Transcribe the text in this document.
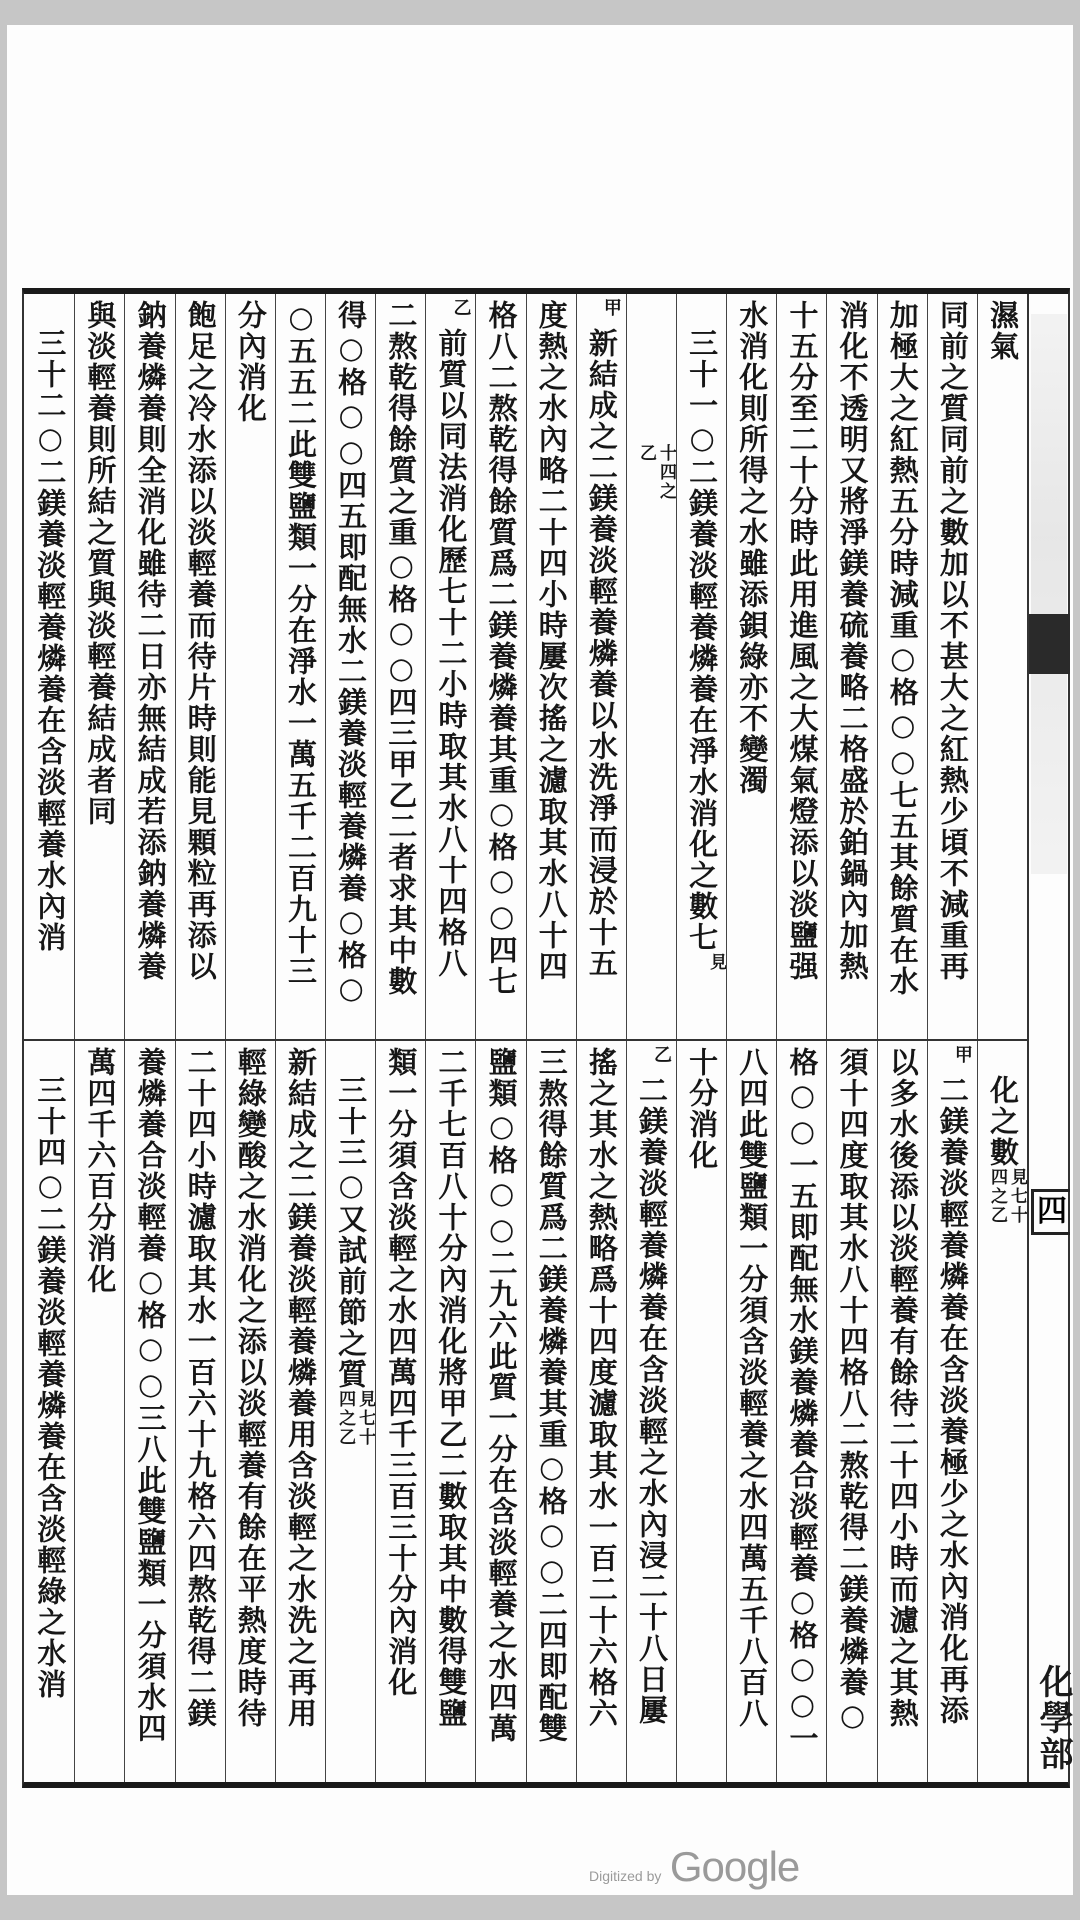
濕氣
同前之質同前之數加以不甚大之紅熱少頃不減重再
加極大之紅熱五分時減重○格○○七五其餘質在水
消化不透明又將淨鎂養硫養略二格盛於鉑鍋內加熱
十五分至二十分時此用進風之大煤氣燈添以淡鹽强
水消化則所得之水雖添鋇綠亦不變濁
三十一○二鎂養淡輕養燐養在淨水消化之數七見
十四之乙
甲
新結成之二鎂養淡輕養燐養以水洗淨而浸於十五
度熱之水內略二十四小時屢次搖之濾取其水八十四
格八二熬乾得餘質爲二鎂養燐養其重○格○○四七
乙
前質以同法消化歷七十二小時取其水八十四格八
二熬乾得餘質之重○格○○四三甲乙二者求其中數
得○格○○四五即配無水二鎂養淡輕養燐養○格○
○五五二此雙鹽類一分在淨水一萬五千二百九十三
分內消化
飽足之冷水添以淡輕養而待片時則能見顆粒再添以
鈉養燐養則全消化雖待二日亦無結成若添鈉養燐養
與淡輕養則所結之質與淡輕養結成者同
三十二○二鎂養淡輕養燐養在含淡輕養水內消
化之數見七十四之乙
甲
二鎂養淡輕養燐養在含淡養極少之水內消化再添
以多水後添以淡輕養有餘待二十四小時而濾之其熱
須十四度取其水八十四格八二熬乾得二鎂養燐養○
格○○一五即配無水鎂養燐養合淡輕養○格○○一
八四此雙鹽類一分須含淡輕養之水四萬五千八百八
十分消化
乙
二鎂養淡輕養燐養在含淡輕之水內浸二十八日屢
搖之其水之熱略爲十四度濾取其水一百二十六格六
三熬得餘質爲二鎂養燐養其重○格○○二四即配雙
鹽類○格○○二九六此質一分在含淡輕養之水四萬
二千七百八十分內消化將甲乙二數取其中數得雙鹽
類一分須含淡輕之水四萬四千三百三十分內消化
三十三○又試前節之質見七十四之乙
新結成之二鎂養淡輕養燐養用含淡輕之水洗之再用
輕綠變酸之水消化之添以淡輕養有餘在平熱度時待
二十四小時濾取其水一百六十九格六四熬乾得二鎂
養燐養合淡輕養○格○○三八此雙鹽類一分須水四
萬四千六百分消化
三十四○二鎂養淡輕養燐養在含淡輕綠之水消	四
化學部
Digitized by Google
